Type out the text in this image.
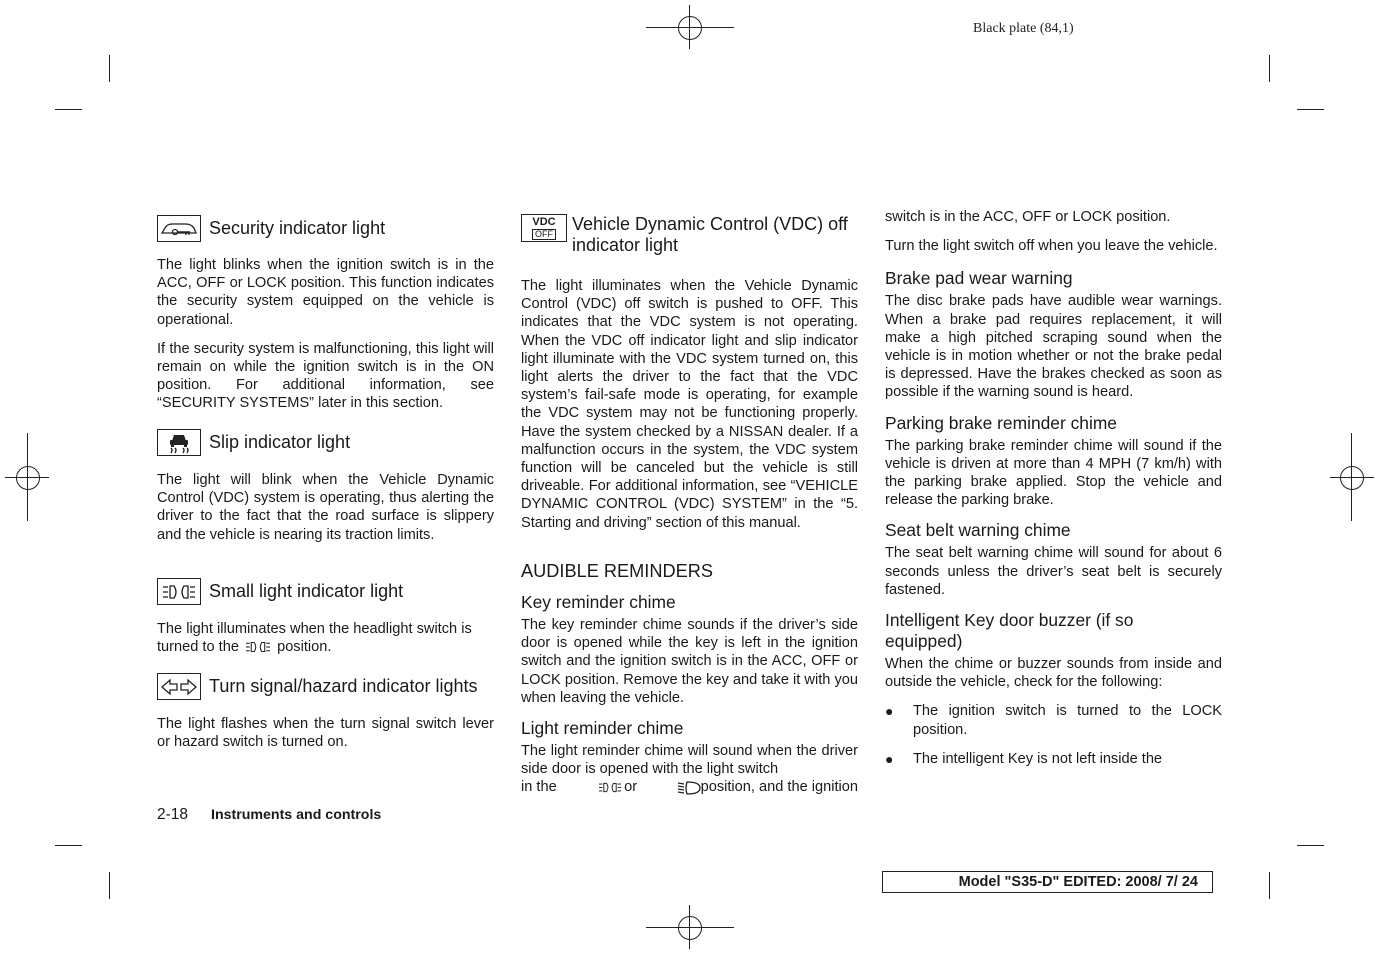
Black plate (84,1)
Security indicator light

The light blinks when the ignition switch is in the ACC, OFF or LOCK position. This function indicates the security system equipped on the vehicle is operational.

If the security system is malfunctioning, this light will remain on while the ignition switch is in the ON position. For additional information, see “SECURITY SYSTEMS” later in this section.

Slip indicator light

The light will blink when the Vehicle Dynamic Control (VDC) system is operating, thus alerting the driver to the fact that the road surface is slippery and the vehicle is nearing its traction limits.

Small light indicator light

The light illuminates when the headlight switch is turned to the	position.

Turn signal/hazard indicator lights

The light flashes when the turn signal switch lever or hazard switch is turned on.

VDC
OFF Vehicle Dynamic Control (VDC) off indicator light

The light illuminates when the Vehicle Dynamic Control (VDC) off switch is pushed to OFF. This indicates that the VDC system is not operating. When the VDC off indicator light and slip indicator light illuminate with the VDC system turned on, this light alerts the driver to the fact that the VDC system’s fail-safe mode is operating, for example the VDC system may not be functioning properly. Have the system checked by a NISSAN dealer. If a malfunction occurs in the system, the VDC system function will be canceled but the vehicle is still driveable. For additional information, see “VEHICLE DYNAMIC CONTROL (VDC) SYSTEM” in the “5. Starting and driving” section of this manual.

AUDIBLE REMINDERS

Key reminder chime

The key reminder chime sounds if the driver’s side door is opened while the key is left in the ignition switch and the ignition switch is in the ACC, OFF or LOCK position. Remove the key and take it with you when leaving the vehicle.

Light reminder chime

The light reminder chime will sound when the driver side door is opened with the light switch

in the	or	position, and the ignition

switch is in the ACC, OFF or LOCK position.

Turn the light switch off when you leave the vehicle.

Brake pad wear warning

The disc brake pads have audible wear warnings. When a brake pad requires replacement, it will make a high pitched scraping sound when the vehicle is in motion whether or not the brake pedal is depressed. Have the brakes checked as soon as possible if the warning sound is heard.

Parking brake reminder chime

The parking brake reminder chime will sound if the vehicle is driven at more than 4 MPH (7 km/h) with the parking brake applied. Stop the vehicle and release the parking brake.

Seat belt warning chime

The seat belt warning chime will sound for about 6 seconds unless the driver’s seat belt is securely fastened.

Intelligent Key door buzzer (if so equipped)

When the chime or buzzer sounds from inside and outside the vehicle, check for the following:

●	The ignition switch is turned to the LOCK position.
●	The intelligent Key is not left inside the
2-18 Instruments and controls
Model "S35-D" EDITED: 2008/ 7/ 24
